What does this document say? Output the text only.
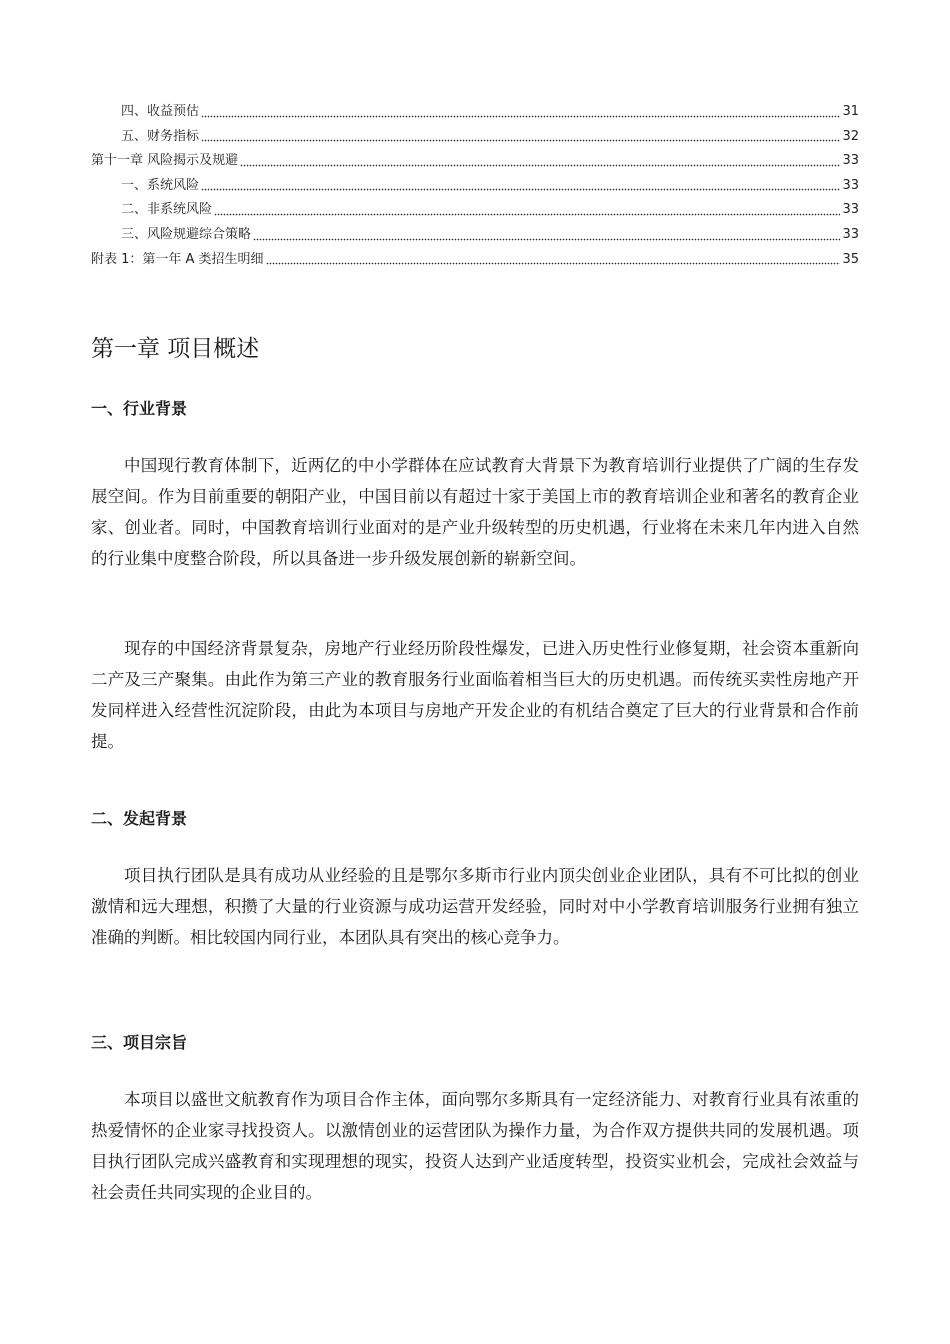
四、收益预估	31
五、财务指标	32
第十一章 风险揭示及规避	33
一、系统风险	33
二、非系统风险	33
三、风险规避综合策略	33
附表 1：第一年 A 类招生明细	35
第一章 项目概述
一、行业背景

中国现行教育体制下，近两亿的中小学群体在应试教育大背景下为教育培训行业提供了广阔的生存发展空间。作为目前重要的朝阳产业，中国目前以有超过十家于美国上市的教育培训企业和著名的教育企业家、创业者。同时，中国教育培训行业面对的是产业升级转型的历史机遇，行业将在未来几年内进入自然的行业集中度整合阶段，所以具备进一步升级发展创新的崭新空间。

现存的中国经济背景复杂，房地产行业经历阶段性爆发，已进入历史性行业修复期，社会资本重新向二产及三产聚集。由此作为第三产业的教育服务行业面临着相当巨大的历史机遇。而传统买卖性房地产开发同样进入经营性沉淀阶段，由此为本项目与房地产开发企业的有机结合奠定了巨大的行业背景和合作前提。

二、发起背景

项目执行团队是具有成功从业经验的且是鄂尔多斯市行业内顶尖创业企业团队，具有不可比拟的创业激情和远大理想，积攒了大量的行业资源与成功运营开发经验，同时对中小学教育培训服务行业拥有独立准确的判断。相比较国内同行业，本团队具有突出的核心竞争力。

三、项目宗旨

本项目以盛世文航教育作为项目合作主体，面向鄂尔多斯具有一定经济能力、对教育行业具有浓重的热爱情怀的企业家寻找投资人。以激情创业的运营团队为操作力量，为合作双方提供共同的发展机遇。项目执行团队完成兴盛教育和实现理想的现实，投资人达到产业适度转型，投资实业机会，完成社会效益与社会责任共同实现的企业目的。
